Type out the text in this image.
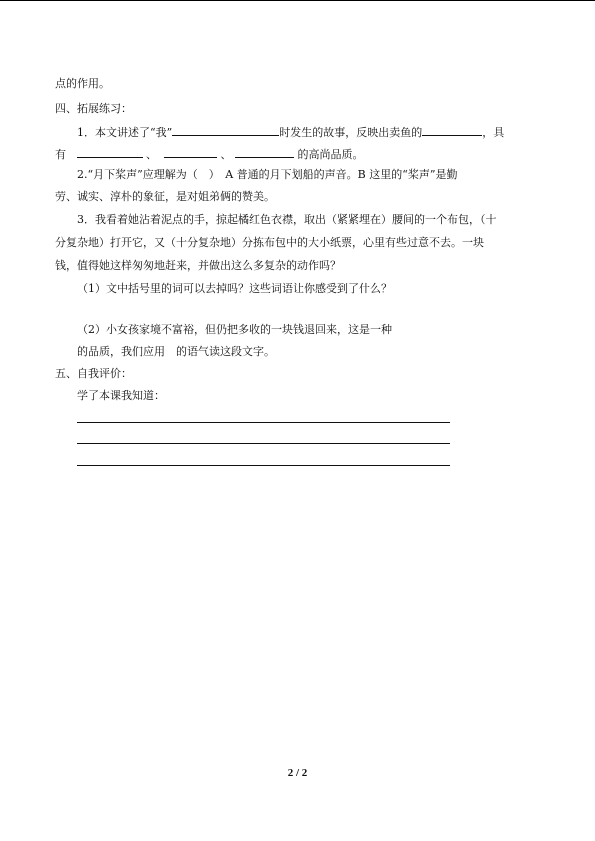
点的作用。
四、拓展练习：
1．本文讲述了“我”	时发生的故事，反映出卖鱼的	，具
有	、	、	的高尚品质。
2.“月下桨声”应理解为（　）　A 普通的月下划船的声音。B 这里的“桨声”是勤
劳、诚实、淳朴的象征，是对姐弟俩的赞美。
3．我看着她沾着泥点的手，掠起橘红色衣襟，取出（紧紧埋在）腰间的一个布包，（十
分复杂地）打开它，又（十分复杂地）分拣布包中的大小纸票，心里有些过意不去。一块
钱，值得她这样匆匆地赶来，并做出这么多复杂的动作吗？
（1）文中括号里的词可以去掉吗？这些词语让你感受到了什么？
（2）小女孩家境不富裕，但仍把多收的一块钱退回来，这是一种
的品质，我们应用　的语气读这段文字。
五、自我评价：
学了本课我知道：
2 / 2
